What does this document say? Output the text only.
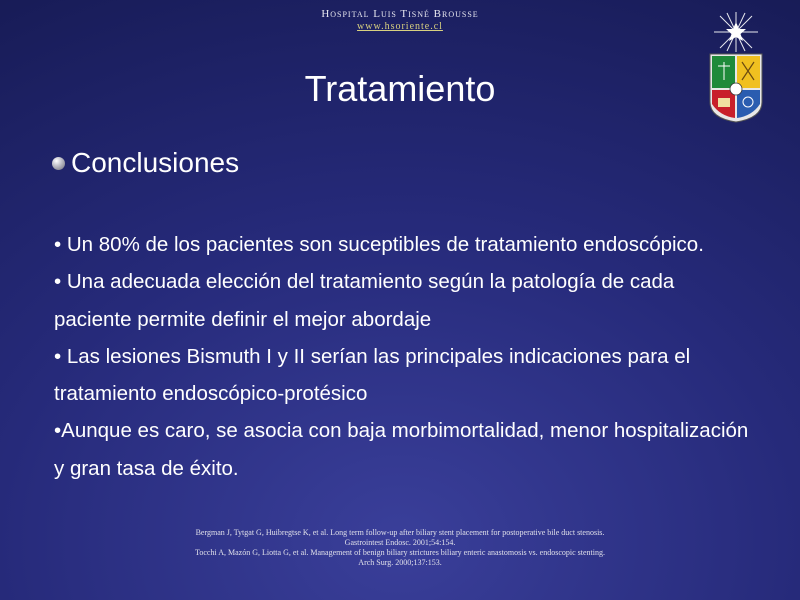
Hospital Luis Tisné Brousse
www.hsoriente.cl
Tratamiento
Conclusiones

• Un 80% de los pacientes son suceptibles de tratamiento endoscópico.

• Una adecuada elección del tratamiento según la patología de cada paciente permite definir el mejor abordaje

• Las lesiones Bismuth I y II serían las principales indicaciones para el tratamiento endoscópico-protésico

•Aunque es caro, se asocia con baja morbimortalidad, menor hospitalización y gran tasa de éxito.

Bergman J, Tytgat G, Huibregtse K, et al. Long term follow-up after biliary stent placement for postoperative bile duct stenosis.
Gastrointest Endosc. 2001;54:154.
Tocchi A, Mazón G, Liotta G, et al. Management of benign biliary strictures biliary enteric anastomosis vs. endoscopic stenting.
Arch Surg. 2000;137:153.
